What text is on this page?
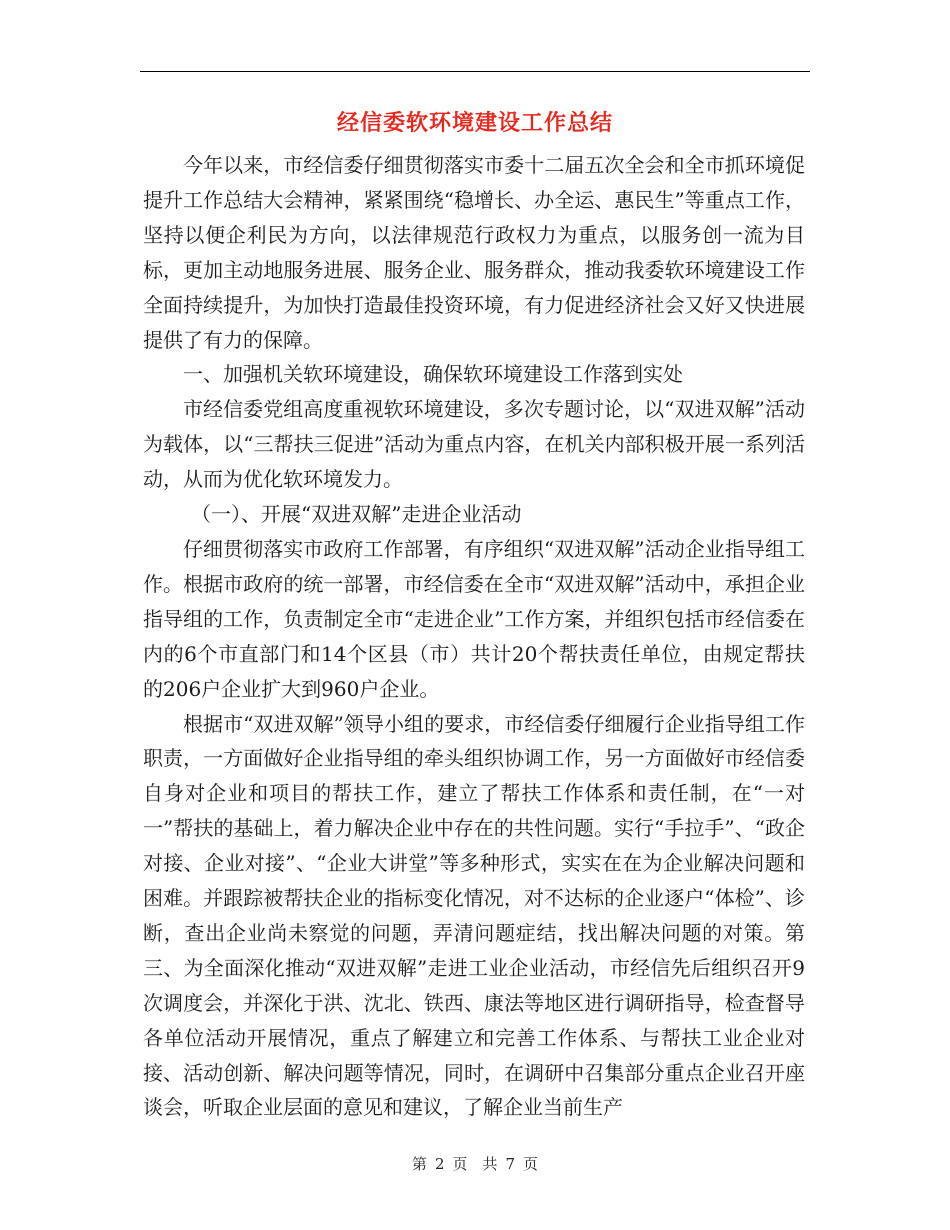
经信委软环境建设工作总结

今年以来，市经信委仔细贯彻落实市委十二届五次全会和全市抓环境促提升工作总结大会精神，紧紧围绕“稳增长、办全运、惠民生”等重点工作，坚持以便企利民为方向，以法律规范行政权力为重点，以服务创一流为目标，更加主动地服务进展、服务企业、服务群众，推动我委软环境建设工作全面持续提升，为加快打造最佳投资环境，有力促进经济社会又好又快进展提供了有力的保障。

一、加强机关软环境建设，确保软环境建设工作落到实处

市经信委党组高度重视软环境建设，多次专题讨论，以“双进双解”活动为载体，以“三帮扶三促进”活动为重点内容，在机关内部积极开展一系列活动，从而为优化软环境发力。

（一）、开展“双进双解”走进企业活动

仔细贯彻落实市政府工作部署，有序组织“双进双解”活动企业指导组工作。根据市政府的统一部署，市经信委在全市“双进双解”活动中，承担企业指导组的工作，负责制定全市“走进企业”工作方案，并组织包括市经信委在内的6个市直部门和14个区县（市）共计20个帮扶责任单位，由规定帮扶的206户企业扩大到960户企业。

根据市“双进双解”领导小组的要求，市经信委仔细履行企业指导组工作职责，一方面做好企业指导组的牵头组织协调工作，另一方面做好市经信委自身对企业和项目的帮扶工作，建立了帮扶工作体系和责任制，在“一对一”帮扶的基础上，着力解决企业中存在的共性问题。实行“手拉手”、“政企对接、企业对接”、“企业大讲堂”等多种形式，实实在在为企业解决问题和困难。并跟踪被帮扶企业的指标变化情况，对不达标的企业逐户“体检”、诊断，查出企业尚未察觉的问题，弄清问题症结，找出解决问题的对策。第三、为全面深化推动“双进双解”走进工业企业活动，市经信先后组织召开9次调度会，并深化于洪、沈北、铁西、康法等地区进行调研指导，检查督导各单位活动开展情况，重点了解建立和完善工作体系、与帮扶工业企业对接、活动创新、解决问题等情况，同时，在调研中召集部分重点企业召开座谈会，听取企业层面的意见和建议，了解企业当前生产

第 2 页　共 7 页
